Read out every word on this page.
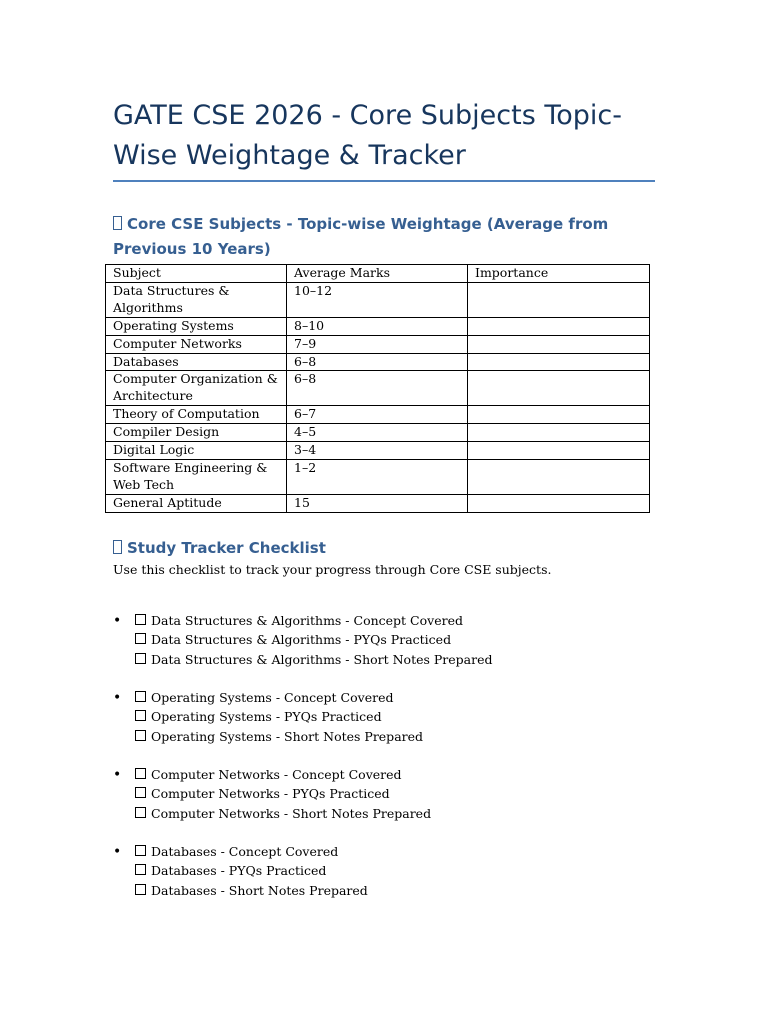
GATE CSE 2026 - Core Subjects Topic-Wise Weightage & Tracker
Core CSE Subjects - Topic-wise Weightage (Average from Previous 10 Years)
Subject	Average Marks	Importance
Data Structures & Algorithms	10–12	
Operating Systems	8–10	
Computer Networks	7–9	
Databases	6–8	
Computer Organization & Architecture	6–8	
Theory of Computation	6–7	
Compiler Design	4–5	
Digital Logic	3–4	
Software Engineering & Web Tech	1–2	
General Aptitude	15	
Study Tracker Checklist

Use this checklist to track your progress through Core CSE subjects.

•	Data Structures & Algorithms - Concept Covered
Data Structures & Algorithms - PYQs Practiced
Data Structures & Algorithms - Short Notes Prepared
•	Operating Systems - Concept Covered
Operating Systems - PYQs Practiced
Operating Systems - Short Notes Prepared
•	Computer Networks - Concept Covered
Computer Networks - PYQs Practiced
Computer Networks - Short Notes Prepared
•	Databases - Concept Covered
Databases - PYQs Practiced
Databases - Short Notes Prepared
